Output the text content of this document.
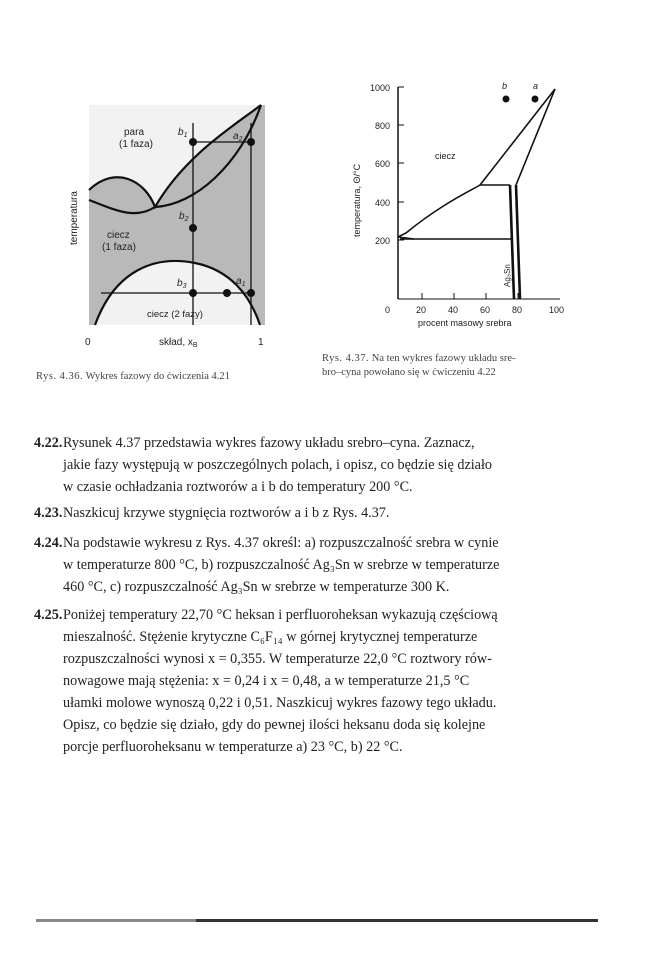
para
(1 faza)
ciecz
(1 faza)
ciecz (2 fazy)
$b_1$	$a_2$
$b_2$
$b_3$	$a_1$
temperatura
0	skład, $x_B$	1
Rys. 4.36. Wykres fazowy do ćwiczenia 4.21
1000
800
600
400
200
0	20 40 60 80	100
b	a
ciecz
Ag₃Sn
temperatura, Θ/°C
procent masowy srebra
Rys. 4.37. Na ten wykres fazowy układu sre-
bro–cyna powołano się w ćwiczeniu 4.22
4.22.Rysunek 4.37 przedstawia wykres fazowy układu srebro–cyna. Zaznacz,
jakie fazy występują w poszczególnych polach, i opisz, co będzie się działo
w czasie ochładzania roztworów a i b do temperatury 200 °C.
4.23.Naszkicuj krzywe stygnięcia roztworów a i b z Rys. 4.37.
4.24.Na podstawie wykresu z Rys. 4.37 określ: a) rozpuszczalność srebra w cynie
w temperaturze 800 °C, b) rozpuszczalność Ag₃Sn w srebrze w temperaturze
460 °C, c) rozpuszczalność Ag₃Sn w srebrze w temperaturze 300 K.
4.25.Poniżej temperatury 22,70 °C heksan i perfluoroheksan wykazują częściową
mieszalność. Stężenie krytyczne C₆F₁₄ w górnej krytycznej temperaturze
rozpuszczalności wynosi x = 0,355. W temperaturze 22,0 °C roztwory rów-
nowagowe mają stężenia: x = 0,24 i x = 0,48, a w temperaturze 21,5 °C
ułamki molowe wynoszą 0,22 i 0,51. Naszkicuj wykres fazowy tego układu.
Opisz, co będzie się działo, gdy do pewnej ilości heksanu doda się kolejne
porcje perfluoroheksanu w temperaturze a) 23 °C, b) 22 °C.
